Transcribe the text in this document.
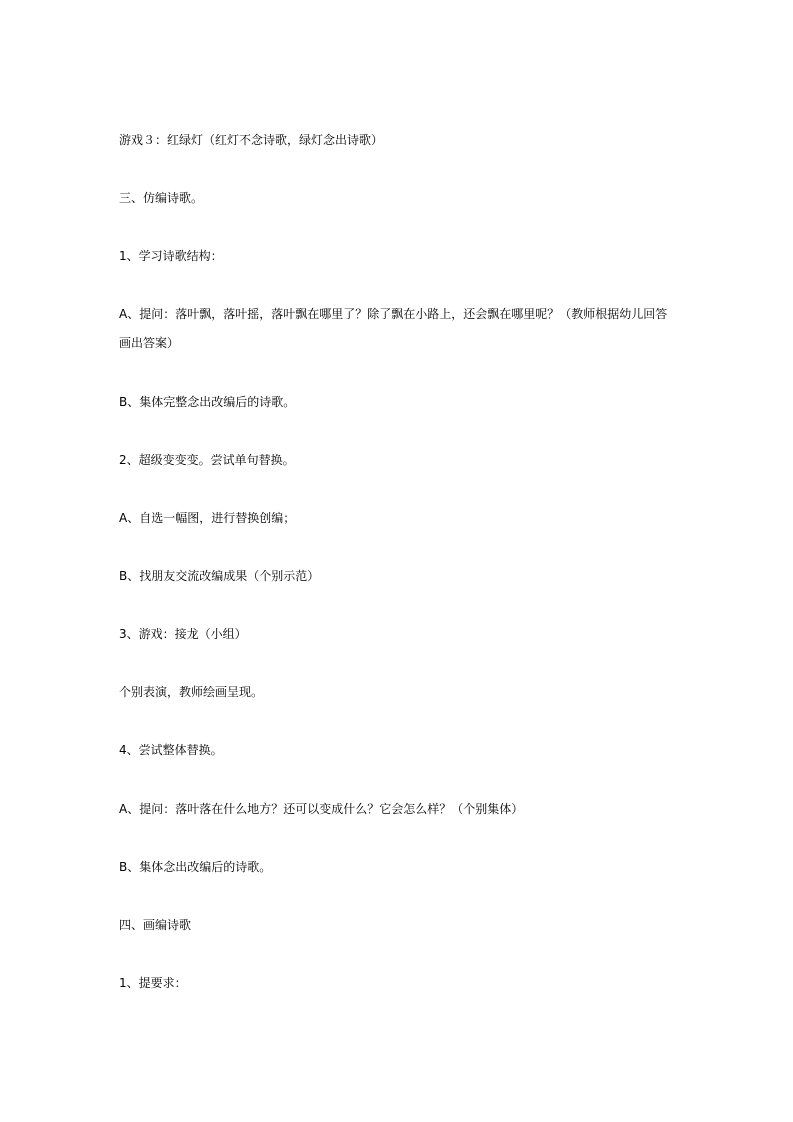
游戏３：红绿灯（红灯不念诗歌，绿灯念出诗歌）

三、仿编诗歌。

1、学习诗歌结构：

A、提问：落叶飘，落叶摇，落叶飘在哪里了？除了飘在小路上，还会飘在哪里呢？（教师根据幼儿回答画出答案）

B、集体完整念出改编后的诗歌。

2、超级变变变。尝试单句替换。

A、自选一幅图，进行替换创编；

B、找朋友交流改编成果（个别示范）

3、游戏：接龙（小组）

个别表演，教师绘画呈现。

4、尝试整体替换。

A、提问：落叶落在什么地方？还可以变成什么？它会怎么样？（个别集体）

B、集体念出改编后的诗歌。

四、画编诗歌

1、提要求：
